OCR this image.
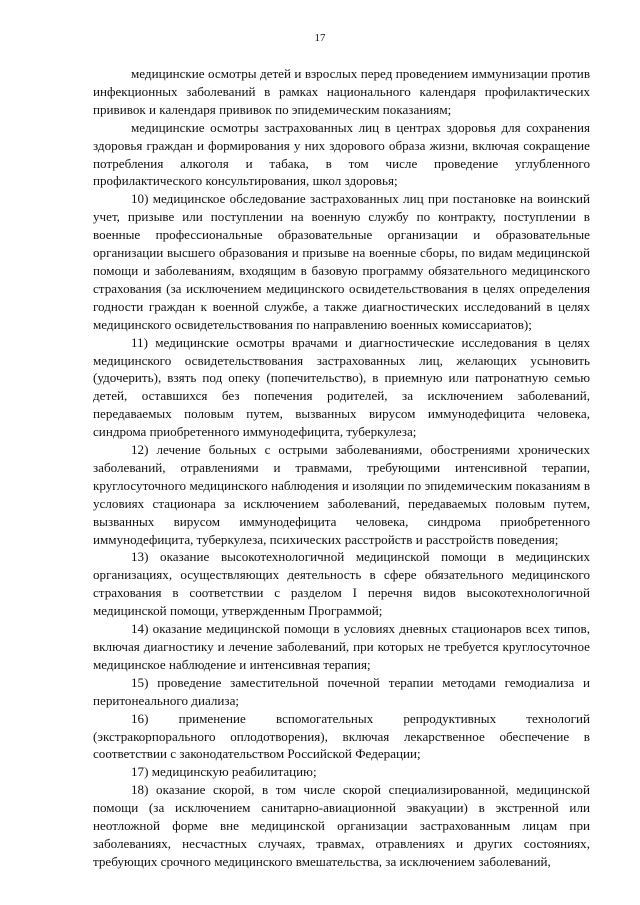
17

медицинские осмотры детей и взрослых перед проведением иммунизации против инфекционных заболеваний в рамках национального календаря профилактических прививок и календаря прививок по эпидемическим показаниям;

медицинские осмотры застрахованных лиц в центрах здоровья для сохранения здоровья граждан и формирования у них здорового образа жизни, включая сокращение потребления алкоголя и табака, в том числе проведение углубленного профилактического консультирования, школ здоровья;

10) медицинское обследование застрахованных лиц при постановке на воинский учет, призыве или поступлении на военную службу по контракту, поступлении в военные профессиональные образовательные организации и образовательные организации высшего образования и призыве на военные сборы, по видам медицинской помощи и заболеваниям, входящим в базовую программу обязательного медицинского страхования (за исключением медицинского освидетельствования в целях определения годности граждан к военной службе, а также диагностических исследований в целях медицинского освидетельствования по направлению военных комиссариатов);

11) медицинские осмотры врачами и диагностические исследования в целях медицинского освидетельствования застрахованных лиц, желающих усыновить (удочерить), взять под опеку (попечительство), в приемную или патронатную семью детей, оставшихся без попечения родителей, за исключением заболеваний, передаваемых половым путем, вызванных вирусом иммунодефицита человека, синдрома приобретенного иммунодефицита, туберкулеза;

12) лечение больных с острыми заболеваниями, обострениями хронических заболеваний, отравлениями и травмами, требующими интенсивной терапии, круглосуточного медицинского наблюдения и изоляции по эпидемическим показаниям в условиях стационара за исключением заболеваний, передаваемых половым путем, вызванных вирусом иммунодефицита человека, синдрома приобретенного иммунодефицита, туберкулеза, психических расстройств и расстройств поведения;

13) оказание высокотехнологичной медицинской помощи в медицинских организациях, осуществляющих деятельность в сфере обязательного медицинского страхования в соответствии с разделом I перечня видов высокотехнологичной медицинской помощи, утвержденным Программой;

14) оказание медицинской помощи в условиях дневных стационаров всех типов, включая диагностику и лечение заболеваний, при которых не требуется круглосуточное медицинское наблюдение и интенсивная терапия;

15) проведение заместительной почечной терапии методами гемодиализа и перитонеального диализа;

16) применение вспомогательных репродуктивных технологий (экстракорпорального оплодотворения), включая лекарственное обеспечение в соответствии с законодательством Российской Федерации;

17) медицинскую реабилитацию;

18) оказание скорой, в том числе скорой специализированной, медицинской помощи (за исключением санитарно-авиационной эвакуации) в экстренной или неотложной форме вне медицинской организации застрахованным лицам при заболеваниях, несчастных случаях, травмах, отравлениях и других состояниях, требующих срочного медицинского вмешательства, за исключением заболеваний,
